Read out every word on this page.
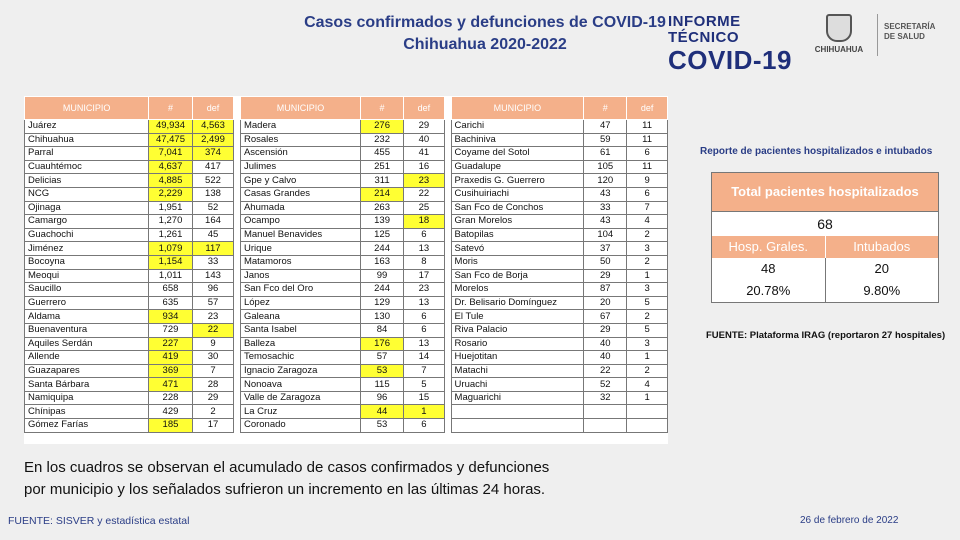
Casos confirmados y defunciones de COVID-19
Chihuahua 2020-2022
INFORME TÉCNICO
COVID-19	CHIHUAHUA
SECRETARÍA
DE SALUD
MUNICIPIO	#	def		MUNICIPIO	#	def		MUNICIPIO	#	def
Juárez	49,934	4,563		Madera	276	29		Carichi	47	11
Chihuahua	47,475	2,499		Rosales	232	40		Bachiniva	59	11
Parral	7,041	374		Ascensión	455	41		Coyame del Sotol	61	6
Cuauhtémoc	4,637	417		Julimes	251	16		Guadalupe	105	11
Delicias	4,885	522		Gpe y Calvo	311	23		Praxedis G. Guerrero	120	9
NCG	2,229	138		Casas Grandes	214	22		Cusihuiriachi	43	6
Ojinaga	1,951	52		Ahumada	263	25		San Fco de Conchos	33	7
Camargo	1,270	164		Ocampo	139	18		Gran Morelos	43	4
Guachochi	1,261	45		Manuel Benavides	125	6		Batopilas	104	2
Jiménez	1,079	117		Urique	244	13		Satevó	37	3
Bocoyna	1,154	33		Matamoros	163	8		Moris	50	2
Meoqui	1,011	143		Janos	99	17		San Fco de Borja	29	1
Saucillo	658	96		San Fco del Oro	244	23		Morelos	87	3
Guerrero	635	57		López	129	13		Dr. Belisario Domínguez	20	5
Aldama	934	23		Galeana	130	6		El Tule	67	2
Buenaventura	729	22		Santa Isabel	84	6		Riva Palacio	29	5
Aquiles Serdán	227	9		Balleza	176	13		Rosario	40	3
Allende	419	30		Temosachic	57	14		Huejotitan	40	1
Guazapares	369	7		Ignacio Zaragoza	53	7		Matachi	22	2
Santa Bárbara	471	28		Nonoava	115	5		Uruachi	52	4
Namiquipa	228	29		Valle de Zaragoza	96	15		Maguarichi	32	1
Chínipas	429	2		La Cruz	44	1				
Gómez Farías	185	17		Coronado	53	6				
En los cuadros se observan el acumulado de casos confirmados y defunciones
por municipio y los señalados sufrieron un incremento en las últimas 24 horas.
FUENTE: SISVER y estadística estatal	26 de febrero de 2022
Reporte de pacientes hospitalizados e intubados
Total pacientes hospitalizados
68
Hosp. Grales.	Intubados
48	20
20.78%	9.80%
FUENTE: Plataforma IRAG (reportaron 27 hospitales)
